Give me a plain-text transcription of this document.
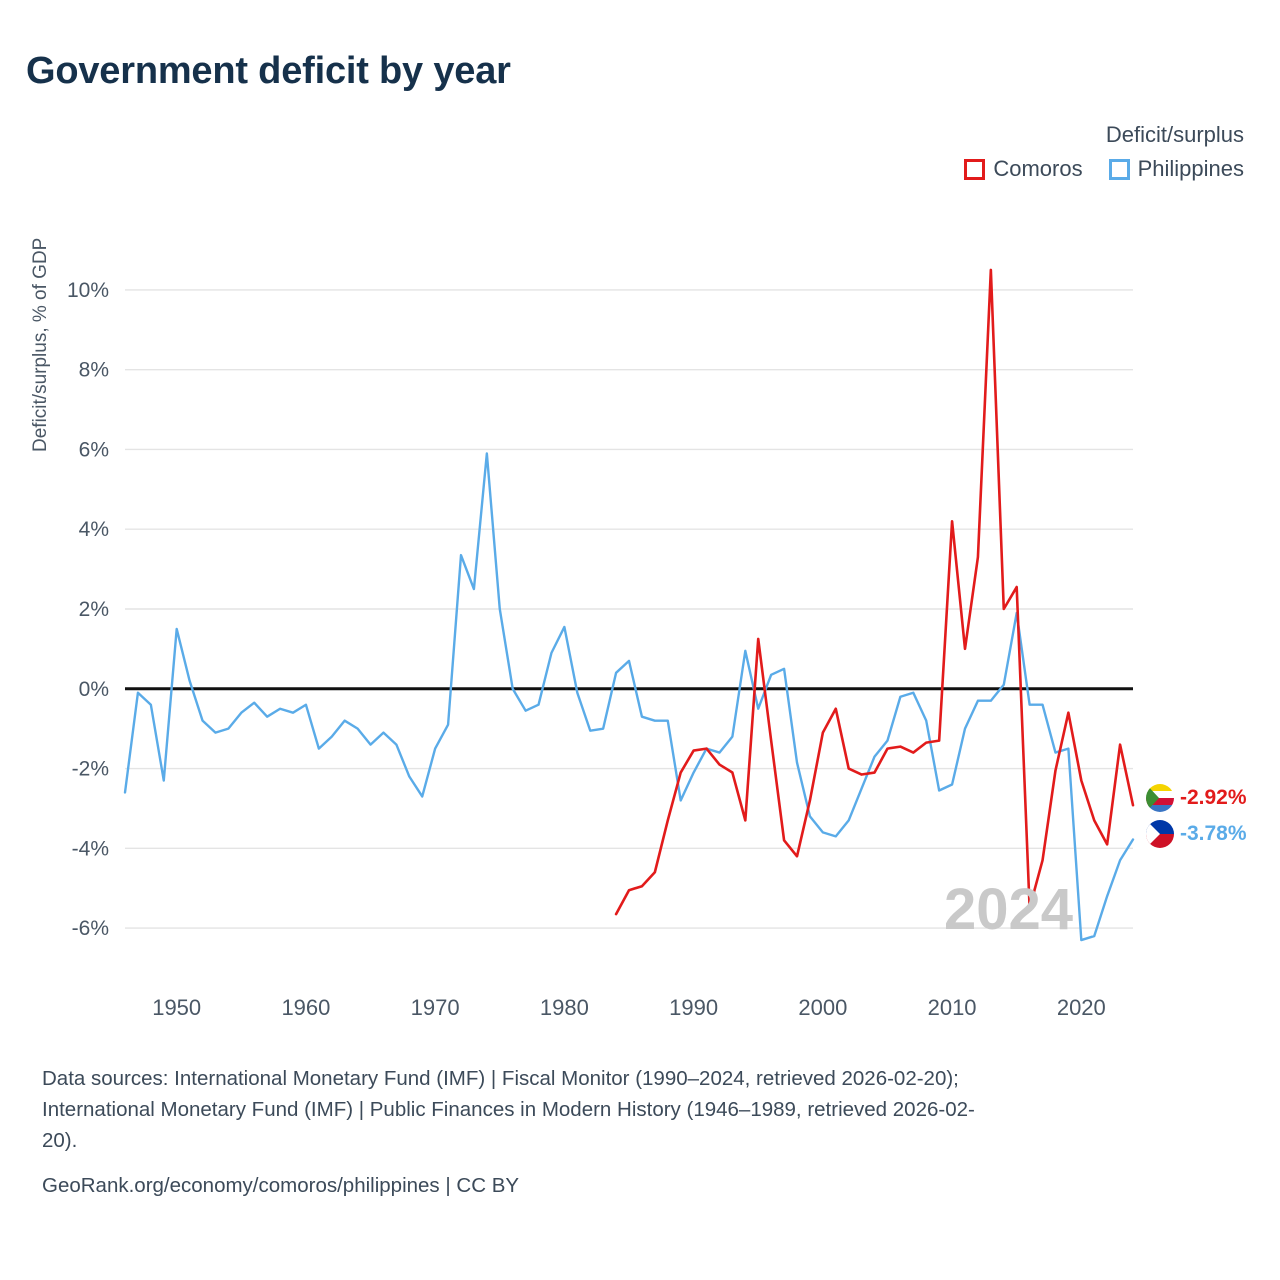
Government deficit by year
Deficit/surplus
Comoros	Philippines
Deficit/surplus, % of GDP
-6%
-4%
-2%
0%
2%
4%
6%
8%
10%
1950	1960	1970	1980	1990	2000	2010	2020
2024
-2.92%
-3.78%
Data sources: International Monetary Fund (IMF) | Fiscal Monitor (1990–2024, retrieved 2026-02-20);
International Monetary Fund (IMF) | Public Finances in Modern History (1946–1989, retrieved 2026-02-
20).
GeoRank.org/economy/comoros/philippines | CC BY
